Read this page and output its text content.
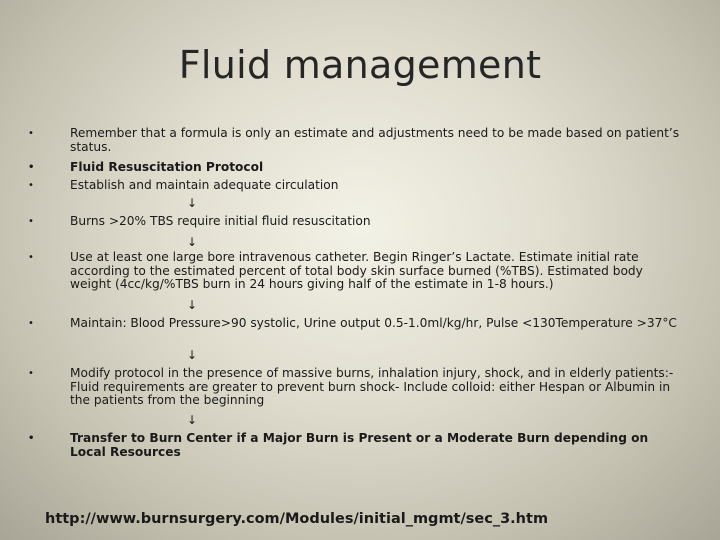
Fluid management
•	Remember that a formula is only an estimate and adjustments need to be made based on patient’s status.
•	Fluid Resuscitation Protocol
•	Establish and maintain adequate circulation
↓
•	Burns >20% TBS require initial fluid resuscitation
↓
•	Use at least one large bore intravenous catheter. Begin Ringer’s Lactate. Estimate initial rate according to the estimated percent of total body skin surface burned (%TBS). Estimated body weight (4cc/kg/%TBS burn in 24 hours giving half of the estimate in 1-8 hours.)
↓
•	Maintain: Blood Pressure>90 systolic, Urine output 0.5-1.0ml/kg/hr, Pulse <130Temperature >37°C
↓
•	Modify protocol in the presence of massive burns, inhalation injury, shock, and in elderly patients:- Fluid requirements are greater to prevent burn shock- Include colloid: either Hespan or Albumin in the patients from the beginning
↓
•	Transfer to Burn Center if a Major Burn is Present or a Moderate Burn depending on Local Resources
http://www.burnsurgery.com/Modules/initial_mgmt/sec_3.htm
